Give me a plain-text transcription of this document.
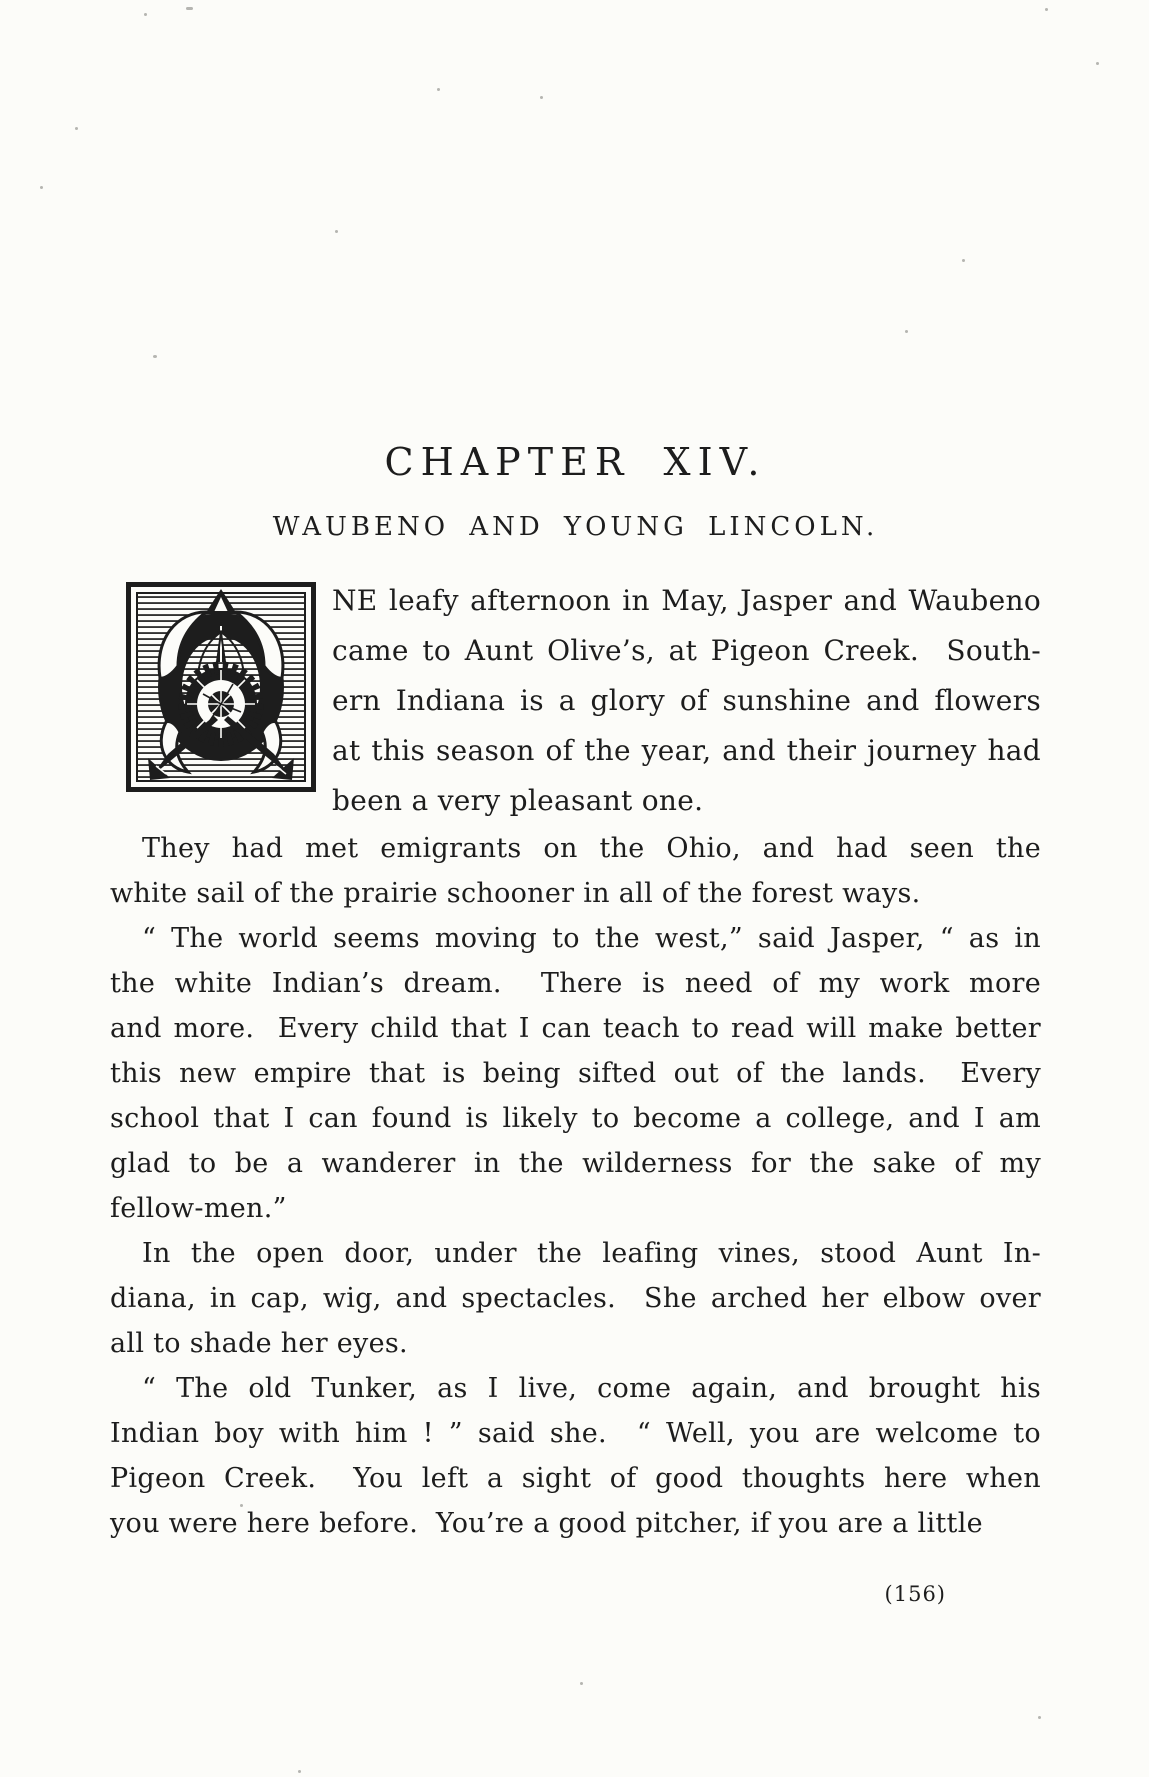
CHAPTER XIV.
WAUBENO AND YOUNG LINCOLN.
NE leafy afternoon in May, Jasper and Waubeno
came to Aunt Olive’s, at Pigeon Creek.  South-
ern Indiana is a glory of sunshine and flowers
at this season of the year, and their journey had
been a very pleasant one.
They had met emigrants on the Ohio, and had seen the
white sail of the prairie schooner in all of the forest ways.
“ The world seems moving to the west,” said Jasper, “ as in
the white Indian’s dream.  There is need of my work more
and more.  Every child that I can teach to read will make better
this new empire that is being sifted out of the lands.  Every
school that I can found is likely to become a college, and I am
glad to be a wanderer in the wilderness for the sake of my
fellow-men.”
In the open door, under the leafing vines, stood Aunt In-
diana, in cap, wig, and spectacles.  She arched her elbow over
all to shade her eyes.
“ The old Tunker, as I live, come again, and brought his
Indian boy with him ! ” said she.  “ Well, you are welcome to
Pigeon Creek.  You left a sight of good thoughts here when
you were here before.  You’re a good pitcher, if you are a little
(156)
